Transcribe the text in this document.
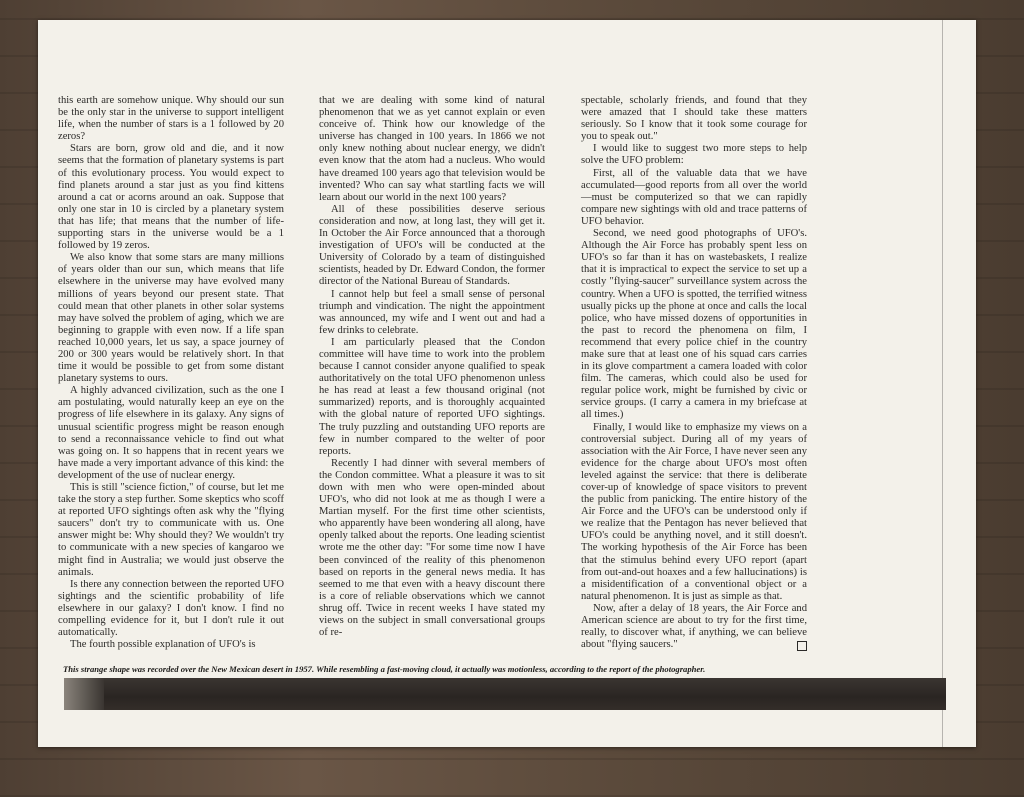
this earth are somehow unique. Why should our sun be the only star in the universe to support intelligent life, when the number of stars is a 1 followed by 20 zeros?

Stars are born, grow old and die, and it now seems that the formation of planetary systems is part of this evolutionary process. You would expect to find planets around a star just as you find kittens around a cat or acorns around an oak. Suppose that only one star in 10 is circled by a planetary system that has life; that means that the number of life-supporting stars in the universe would be a 1 followed by 19 zeros.

We also know that some stars are many millions of years older than our sun, which means that life elsewhere in the universe may have evolved many millions of years beyond our present state. That could mean that other planets in other solar systems may have solved the problem of aging, which we are beginning to grapple with even now. If a life span reached 10,000 years, let us say, a space journey of 200 or 300 years would be relatively short. In that time it would be possible to get from some distant planetary systems to ours.

A highly advanced civilization, such as the one I am postulating, would naturally keep an eye on the progress of life elsewhere in its galaxy. Any signs of unusual scientific progress might be reason enough to send a reconnaissance vehicle to find out what was going on. It so happens that in recent years we have made a very important advance of this kind: the development of the use of nuclear energy.

This is still "science fiction," of course, but let me take the story a step further. Some skeptics who scoff at reported UFO sightings often ask why the "flying saucers" don't try to communicate with us. One answer might be: Why should they? We wouldn't try to communicate with a new species of kangaroo we might find in Australia; we would just observe the animals.

Is there any connection between the reported UFO sightings and the scientific probability of life elsewhere in our galaxy? I don't know. I find no compelling evidence for it, but I don't rule it out automatically.

The fourth possible explanation of UFO's is

that we are dealing with some kind of natural phenomenon that we as yet cannot explain or even conceive of. Think how our knowledge of the universe has changed in 100 years. In 1866 we not only knew nothing about nuclear energy, we didn't even know that the atom had a nucleus. Who would have dreamed 100 years ago that television would be invented? Who can say what startling facts we will learn about our world in the next 100 years?

All of these possibilities deserve serious consideration and now, at long last, they will get it. In October the Air Force announced that a thorough investigation of UFO's will be conducted at the University of Colorado by a team of distinguished scientists, headed by Dr. Edward Condon, the former director of the National Bureau of Standards.

I cannot help but feel a small sense of personal triumph and vindication. The night the appointment was announced, my wife and I went out and had a few drinks to celebrate.

I am particularly pleased that the Condon committee will have time to work into the problem because I cannot consider anyone qualified to speak authoritatively on the total UFO phenomenon unless he has read at least a few thousand original (not summarized) reports, and is thoroughly acquainted with the global nature of reported UFO sightings. The truly puzzling and outstanding UFO reports are few in number compared to the welter of poor reports.

Recently I had dinner with several members of the Condon committee. What a pleasure it was to sit down with men who were open-minded about UFO's, who did not look at me as though I were a Martian myself. For the first time other scientists, who apparently have been wondering all along, have openly talked about the reports. One leading scientist wrote me the other day: "For some time now I have been convinced of the reality of this phenomenon based on reports in the general news media. It has seemed to me that even with a heavy discount there is a core of reliable observations which we cannot shrug off. Twice in recent weeks I have stated my views on the subject in small conversational groups of re-

spectable, scholarly friends, and found that they were amazed that I should take these matters seriously. So I know that it took some courage for you to speak out."

I would like to suggest two more steps to help solve the UFO problem:

First, all of the valuable data that we have accumulated—good reports from all over the world—must be computerized so that we can rapidly compare new sightings with old and trace patterns of UFO behavior.

Second, we need good photographs of UFO's. Although the Air Force has probably spent less on UFO's so far than it has on wastebaskets, I realize that it is impractical to expect the service to set up a costly "flying-saucer" surveillance system across the country. When a UFO is spotted, the terrified witness usually picks up the phone at once and calls the local police, who have missed dozens of opportunities in the past to record the phenomena on film, I recommend that every police chief in the country make sure that at least one of his squad cars carries in its glove compartment a camera loaded with color film. The cameras, which could also be used for regular police work, might be furnished by civic or service groups. (I carry a camera in my briefcase at all times.)

Finally, I would like to emphasize my views on a controversial subject. During all of my years of association with the Air Force, I have never seen any evidence for the charge about UFO's most often leveled against the service: that there is deliberate cover-up of knowledge of space visitors to prevent the public from panicking. The entire history of the Air Force and the UFO's can be understood only if we realize that the Pentagon has never believed that UFO's could be anything novel, and it still doesn't. The working hypothesis of the Air Force has been that the stimulus behind every UFO report (apart from out-and-out hoaxes and a few hallucinations) is a misidentification of a conventional object or a natural phenomenon. It is just as simple as that.

Now, after a delay of 18 years, the Air Force and American science are about to try for the first time, really, to discover what, if anything, we can believe about "flying saucers."

This strange shape was recorded over the New Mexican desert in 1957. While resembling a fast-moving cloud, it actually was motionless, according to the report of the photographer.
